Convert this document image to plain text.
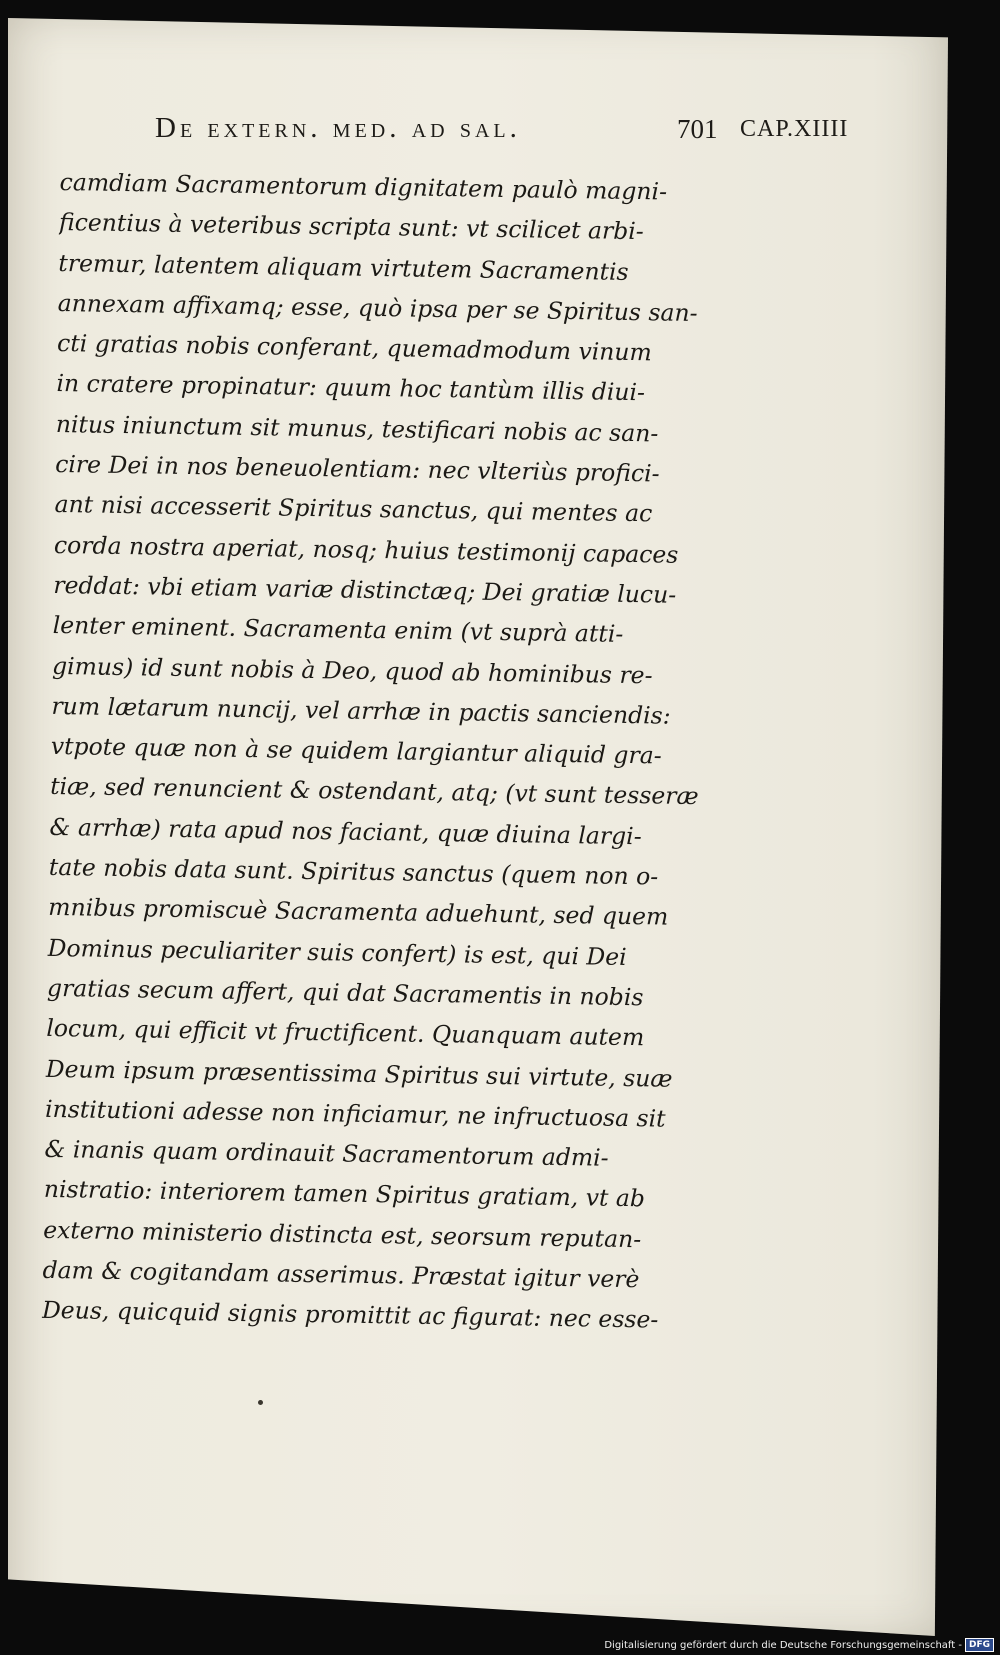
De extern. med. ad sal.	701 CAP.XIIII
camdiam Sacramentorum dignitatem paulò magni-
ficentius à veteribus scripta sunt: vt scilicet arbi-
tremur, latentem aliquam virtutem Sacramentis
annexam affixamq; esse, quò ipsa per se Spiritus san-
cti gratias nobis conferant, quemadmodum vinum
in cratere propinatur: quum hoc tantùm illis diui-
nitus iniunctum sit munus, testificari nobis ac san-
cire Dei in nos beneuolentiam: nec vlteriùs profici-
ant nisi accesserit Spiritus sanctus, qui mentes ac
corda nostra aperiat, nosq; huius testimonij capaces
reddat: vbi etiam variæ distinctæq; Dei gratiæ lucu-
lenter eminent. Sacramenta enim (vt suprà atti-
gimus) id sunt nobis à Deo, quod ab hominibus re-
rum lætarum nuncij, vel arrhæ in pactis sanciendis:
vtpote quæ non à se quidem largiantur aliquid gra-
tiæ, sed renuncient & ostendant, atq; (vt sunt tesseræ
& arrhæ) rata apud nos faciant, quæ diuina largi-
tate nobis data sunt. Spiritus sanctus (quem non o-
mnibus promiscuè Sacramenta aduehunt, sed quem
Dominus peculiariter suis confert) is est, qui Dei
gratias secum affert, qui dat Sacramentis in nobis
locum, qui efficit vt fructificent. Quanquam autem
Deum ipsum præsentissima Spiritus sui virtute, suæ
institutioni adesse non inficiamur, ne infructuosa sit
& inanis quam ordinauit Sacramentorum admi-
nistratio: interiorem tamen Spiritus gratiam, vt ab
externo ministerio distincta est, seorsum reputan-
dam & cogitandam asserimus. Præstat igitur verè
Deus, quicquid signis promittit ac figurat: nec esse-
Digitalisierung gefördert durch die Deutsche Forschungsgemeinschaft - DFG
